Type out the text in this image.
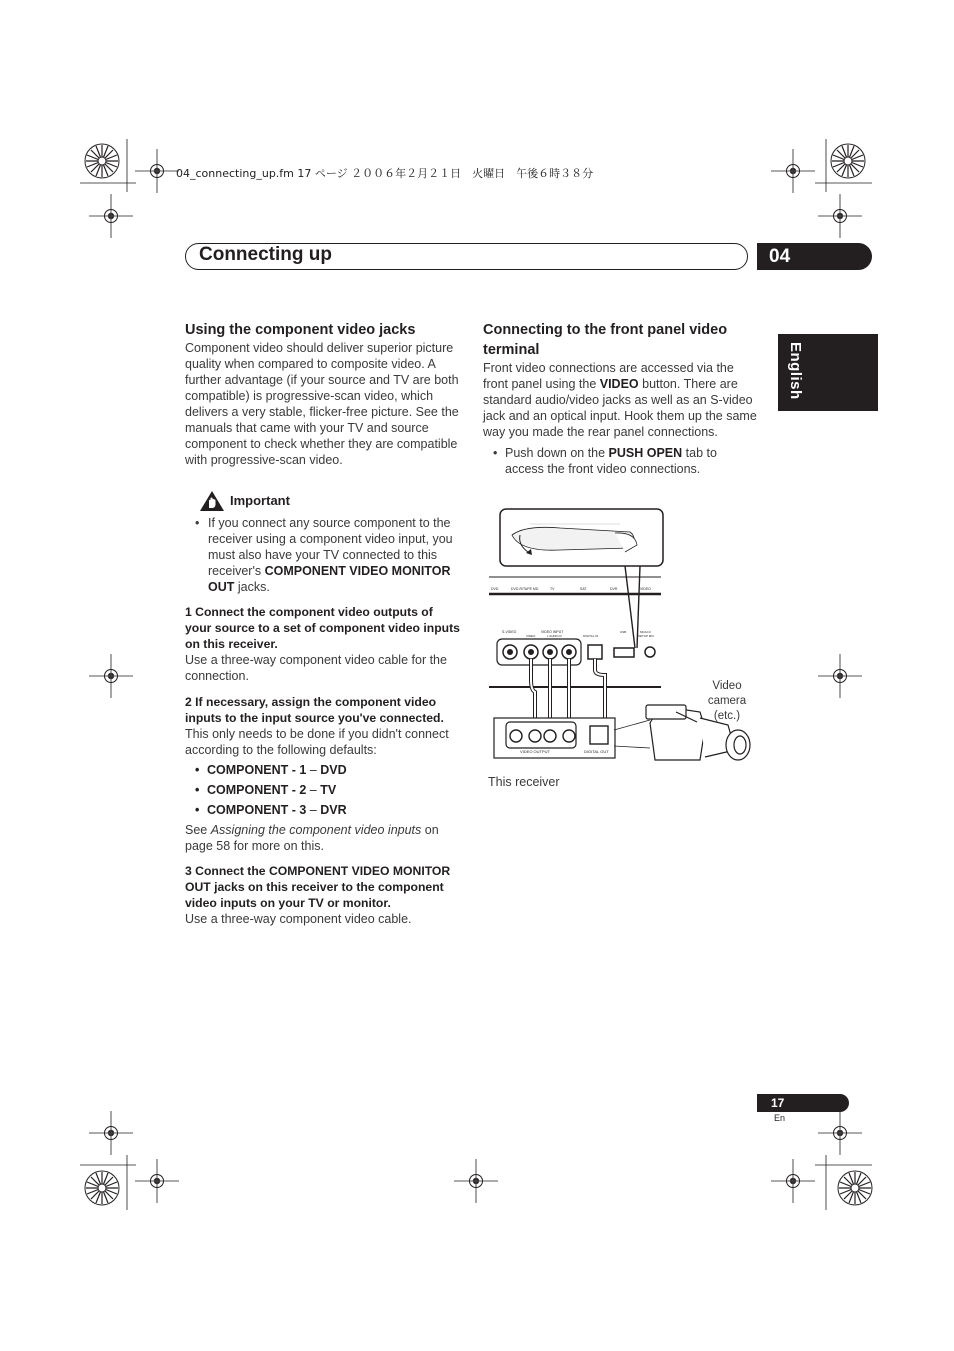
04_connecting_up.fm 17 ページ ２００６年２月２１日　火曜日　午後６時３８分
Connecting up	04
English
Using the component video jacks

Component video should deliver superior picture quality when compared to composite video. A further advantage (if your source and TV are both compatible) is progressive-scan video, which delivers a very stable, flicker-free picture. See the manuals that came with your TV and source component to check whether they are compatible with progressive-scan video.

Important

• If you connect any source component to the receiver using a component video input, you must also have your TV connected to this receiver's COMPONENT VIDEO MONITOR OUT jacks.

1 Connect the component video outputs of your source to a set of component video inputs on this receiver.

Use a three-way component video cable for the connection.

2 If necessary, assign the component video inputs to the input source you've connected.

This only needs to be done if you didn't connect according to the following defaults:

• COMPONENT - 1 – DVD
• COMPONENT - 2 – TV
• COMPONENT - 3 – DVR

See Assigning the component video inputs on page 58 for more on this.

3 Connect the COMPONENT VIDEO MONITOR OUT jacks on this receiver to the component video inputs on your TV or monitor.

Use a three-way component video cable.

Connecting to the front panel video terminal

Front video connections are accessed via the front panel using the VIDEO button. There are standard audio/video jacks as well as an S-video jack and an optical input. Hook them up the same way you made the rear panel connections.

• Push down on the PUSH OPEN tab to access the front video connections.

DVD	DVD-R/TAPE MD	TV	SAT	DVR	VIDEO
S-VIDEO	VIDEO INPUT
VIDEO	L AUDIO R	DIGITAL IN
USB	MCACC
SETUP MIC
VIDEO OUTPUT	DIGITAL OUT
Video camera (etc.)
This receiver
17
En
